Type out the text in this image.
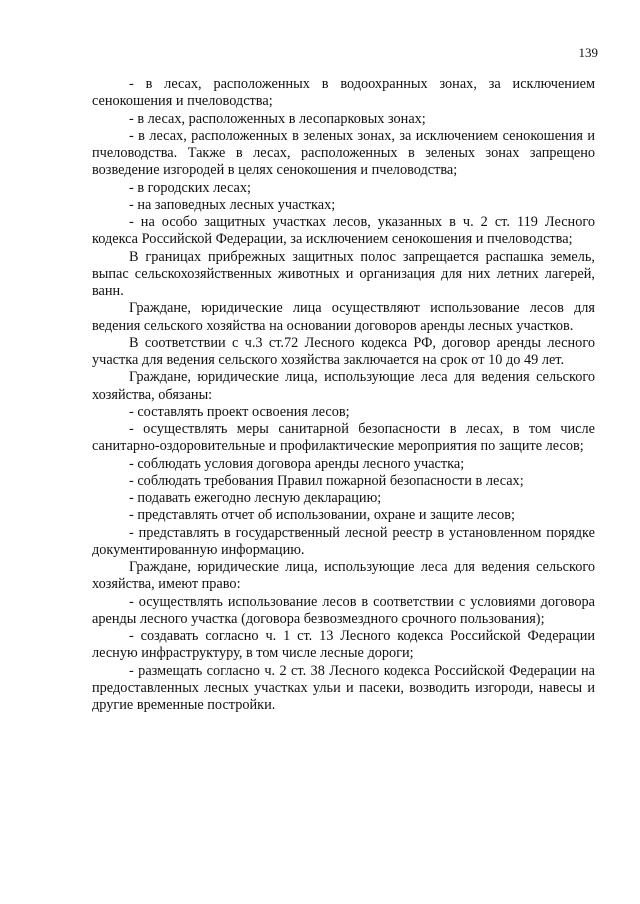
139

- в лесах, расположенных в водоохранных зонах, за исключением сенокошения и пчеловодства;

- в лесах, расположенных в лесопарковых зонах;

- в лесах, расположенных в зеленых зонах, за исключением сенокошения и пчеловодства. Также в лесах, расположенных в зеленых зонах запрещено возведение изгородей в целях сенокошения и пчеловодства;

- в городских лесах;

- на заповедных лесных участках;

- на особо защитных участках лесов, указанных в ч. 2 ст. 119 Лесного кодекса Российской Федерации, за исключением сенокошения и пчеловодства;

В границах прибрежных защитных полос запрещается распашка земель, выпас сельскохозяйственных животных и организация для них летних лагерей, ванн.

Граждане, юридические лица осуществляют использование лесов для ведения сельского хозяйства на основании договоров аренды лесных участков.

В соответствии с ч.3 ст.72 Лесного кодекса РФ, договор аренды лесного участка для ведения сельского хозяйства заключается на срок от 10 до 49 лет.

Граждане, юридические лица, использующие леса для ведения сельского хозяйства, обязаны:

- составлять проект освоения лесов;

- осуществлять меры санитарной безопасности в лесах, в том числе санитарно-оздоровительные и профилактические мероприятия по защите лесов;

- соблюдать условия договора аренды лесного участка;

- соблюдать требования Правил пожарной безопасности в лесах;

- подавать ежегодно лесную декларацию;

- представлять отчет об использовании, охране и защите лесов;

- представлять в государственный лесной реестр в установленном порядке документированную информацию.

Граждане, юридические лица, использующие леса для ведения сельского хозяйства, имеют право:

- осуществлять использование лесов в соответствии с условиями договора аренды лесного участка (договора безвозмездного срочного пользования);

- создавать согласно ч. 1 ст. 13 Лесного кодекса Российской Федерации лесную инфраструктуру, в том числе лесные дороги;

- размещать согласно ч. 2 ст. 38 Лесного кодекса Российской Федерации на предоставленных лесных участках ульи и пасеки, возводить изгороди, навесы и другие временные постройки.
